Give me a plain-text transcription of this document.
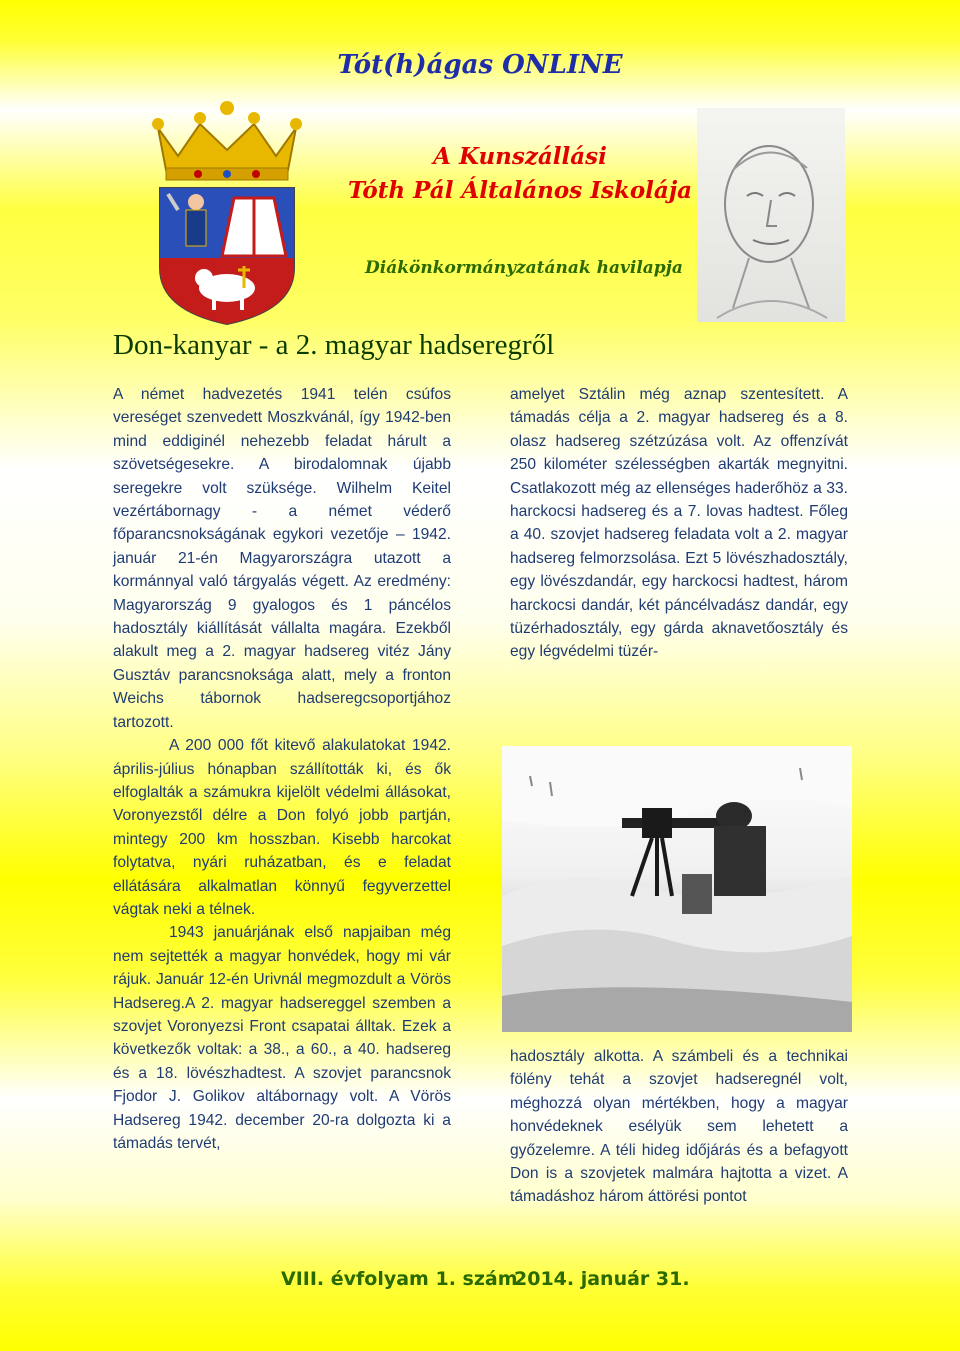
Tót(h)ágas ONLINE
A Kunszállási
Tóth Pál Általános Iskolája
Diákönkormányzatának havilapja
Don-kanyar - a 2. magyar hadseregről

A német hadvezetés 1941 telén csúfos vereséget szenvedett Moszkvánál, így 1942-ben mind eddiginél nehezebb feladat hárult a szövetségesekre. A birodalomnak újabb seregekre volt szüksége. Wilhelm Keitel vezértábornagy - a német véderő főparancsnokságának egykori vezetője – 1942. január 21-én Magyarországra utazott a kormánnyal való tárgyalás végett. Az eredmény: Magyarország 9 gyalogos és 1 páncélos hadosztály kiállítását vállalta magára. Ezekből alakult meg a 2. magyar hadsereg vitéz Jány Gusztáv parancsnoksága alatt, mely a fronton Weichs tábornok hadseregcsoportjához tartozott.

A 200 000 főt kitevő alakulatokat 1942. április-július hónapban szállították ki, és ők elfoglalták a számukra kijelölt védelmi állásokat, Voronyezstől délre a Don folyó jobb partján, mintegy 200 km hosszban. Kisebb harcokat folytatva, nyári ruházatban, és e feladat ellátására alkalmatlan könnyű fegyverzettel vágtak neki a télnek.

1943 januárjának első napjaiban még nem sejtették a magyar honvédek, hogy mi vár rájuk. Január 12-én Urivnál megmozdult a Vörös Hadsereg.A 2. magyar hadsereggel szemben a szovjet Voronyezsi Front csapatai álltak. Ezek a következők voltak: a 38., a 60., a 40. hadsereg és a 18. lövészhadtest. A szovjet parancsnok Fjodor J. Golikov altábornagy volt. A Vörös Hadsereg 1942. december 20-ra dolgozta ki a támadás tervét,

amelyet Sztálin még aznap szentesített. A támadás célja a 2. magyar hadsereg és a 8. olasz hadsereg szétzúzása volt. Az offenzívát 250 kilométer szélességben akarták megnyitni. Csatlakozott még az ellenséges haderőhöz a 33. harckocsi hadsereg és a 7. lovas hadtest. Főleg a 40. szovjet hadsereg feladata volt a 2. magyar hadsereg felmorzsolása. Ezt 5 lövészhadosztály, egy lövészdandár, egy harckocsi hadtest, három harckocsi dandár, két páncélvadász dandár, egy tüzérhadosztály, egy gárda aknavetőosztály és egy légvédelmi tüzér-

hadosztály alkotta. A számbeli és a technikai fölény tehát a szovjet hadseregnél volt, méghozzá olyan mértékben, hogy a magyar honvédeknek esélyük sem lehetett a győzelemre. A téli hideg időjárás és a befagyott Don is a szovjetek malmára hajtotta a vizet. A támadáshoz három áttörési pontot

VIII. évfolyam 1. szám
2014. január 31.
